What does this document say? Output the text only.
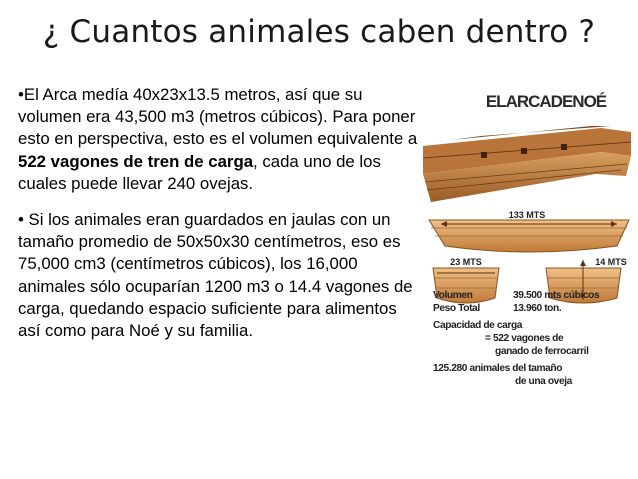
¿ Cuantos animales caben dentro ?

•El Arca medía 40x23x13.5 metros, así que su volumen era 43,500 m3 (metros cúbicos). Para poner esto en perspectiva, esto es el volumen equivalente a 522 vagones de tren de carga, cada uno de los cuales puede llevar 240 ovejas.

• Si los animales eran guardados en jaulas con un tamaño promedio de 50x50x30 centímetros, eso es 75,000 cm3 (centímetros cúbicos), los 16,000 animales sólo ocuparían 1200 m3 o 14.4 vagones de carga, quedando espacio suficiente para alimentos así como para Noé y su familia.

ELARCADENOÉ
133 MTS
23 MTS	14 MTS
Volumen	39.500 mts cúbicos
Peso Total	13.960 ton.
Capacidad de carga
= 522 vagones de
ganado de ferrocarril
125.280 animales del tamaño
de una oveja
